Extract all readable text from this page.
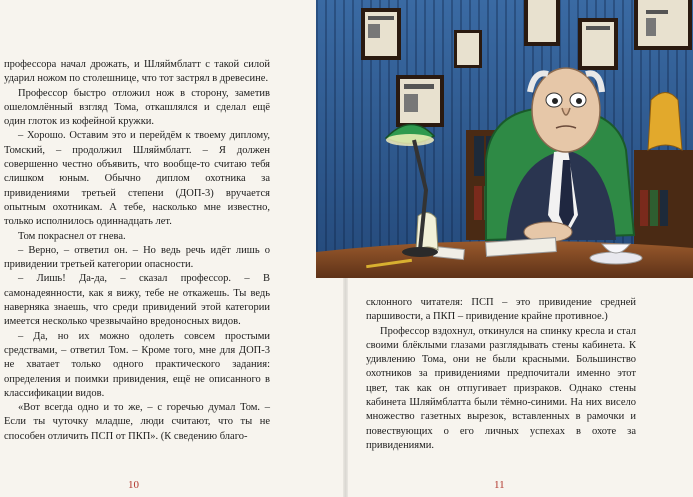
профессора начал дрожать, и Шляймблатт с такой силой ударил ножом по столешнице, что тот застрял в древесине.

Профессор быстро отложил нож в сторону, заметив ошеломлённый взгляд Тома, откашлялся и сделал ещё один глоток из кофейной кружки.

– Хорошо. Оставим это и перейдём к твоему диплому, Томский, – продолжил Шляймблатт. – Я должен совершенно честно объявить, что вообще-то считаю тебя слишком юным. Обычно диплом охотника за привидениями третьей степени (ДОП-3) вручается опытным охотникам. А тебе, насколько мне известно, только исполнилось одиннадцать лет.

Том покраснел от гнева.

– Верно, – ответил он. – Но ведь речь идёт лишь о привидении третьей категории опасности.

– Лишь! Да-да, – сказал профессор. – В самонадеянности, как я вижу, тебе не откажешь. Ты ведь наверняка знаешь, что среди привидений этой категории имеется несколько чрезвычайно вредоносных видов.

– Да, но их можно одолеть совсем простыми средствами, – ответил Том. – Кроме того, мне для ДОП-3 не хватает только одного практического задания: определения и поимки привидения, ещё не описанного в классификации видов.

«Вот всегда одно и то же, – с горечью думал Том. – Если ты чуточку младше, люди считают, что ты не способен отличить ПСП от ПКП». (К сведению благо-

10

склонного читателя: ПСП – это привидение средней паршивости, а ПКП – привидение крайне противное.)

Профессор вздохнул, откинулся на спинку кресла и стал своими блёклыми глазами разглядывать стены кабинета. К удивлению Тома, они не были красными. Большинство охотников за привидениями предпочитали именно этот цвет, так как он отпугивает призраков. Однако стены кабинета Шляймблатта были тёмно-синими. На них висело множество газетных вырезок, вставленных в рамочки и повествующих о его личных успехах в охоте за привидениями.

11
